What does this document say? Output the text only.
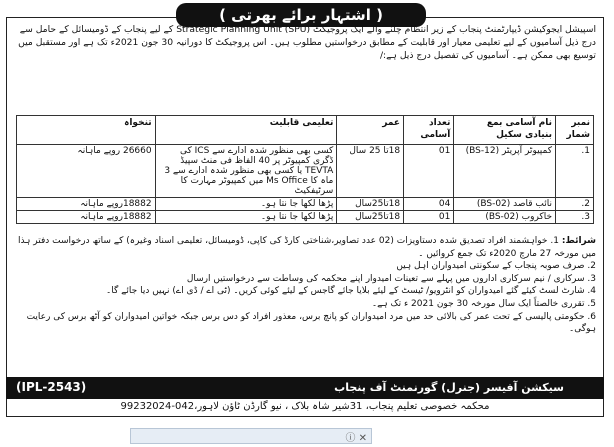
( اشتہار برائے بھرتی )
اسپیشل ایجوکیشن ڈیپارٹمنٹ پنجاب کے زیر انتظام چلنے والے ایک پروجیکٹ (Strategic Planning Unit (SPU کے لیے پنجاب کے ڈومیسائل کے حامل سے درج ذیل آسامیوں کے لیے تعلیمی معیار اور قابلیت کے مطابق درخواستیں مطلوب ہیں۔ اس پروجیکٹ کا دورانیہ 30 جون 2021ء تک ہے اور مستقبل میں توسیع بھی ممکن ہے۔ آسامیوں کی تفصیل درج ذیل ہے:/
نمبر شمار	نام آسامی بمع بنیادی سکیل	تعداد آسامی	عمر	تعلیمی قابلیت	تنخواہ
1.	کمپیوٹر آپریٹر (BS-12)	01	18تا 25 سال	کسی بھی منظور شدہ ادارے سے ICS کی ڈگری کمپیوٹر پر 40 الفاظ فی منٹ سپیڈ TEVTA یا کسی بھی منظور شدہ ادارے سے 3 ماہ کا Ms Office میں کمپیوٹر مہارت کا سرٹیفکیٹ	26660 روپے ماہانہ
2.	نائب قاصد (BS-02)	04	18تا25سال	پڑھا لکھا جا نتا ہو۔	18882روپے ماہانہ
3.	خاکروب (BS-02)	01	18تا25سال	پڑھا لکھا جا نتا ہو۔	18882روپے ماہانہ
شرائط: 1. خواہشمند افراد تصدیق شدہ دستاویزات (02 عدد تصاویر،شناختی کارڈ کی کاپی، ڈومیسائل، تعلیمی اسناد وغیرہ) کے ساتھ درخواست دفتر ہذا میں مورخہ 27 مارچ 2020ء تک جمع کروائیں ۔
2. صرف صوبہ پنجاب کے سکونتی امیدواران اہل ہیں
3. سرکاری / نیم سرکاری اداروں میں پہلے سے تعینات امیدوار اپنے محکمہ کی وساطت سے درخواستیں ارسال
4. شارٹ لسٹ کیئے گئے امیدواران کو انٹرویو/ ٹیسٹ کے لیئے بلایا جائے گاجس کے لیئے کوئی کریں۔ (ٹی اے / ڈی اے) نہیں دیا جائے گا۔
5. تقرری خالصتاً ایک سال مورخہ 30 جون 2021 ء تک ہے۔
6. حکومتی پالیسی کے تحت عمر کی بالائی حد میں مرد امیدواران کو پانچ برس، معذور افراد کو دس برس جبکہ خواتین امیدواران کو آٹھ برس کی رعایت ہوگی۔
(IPL-2543)	سیکشن آفیسر (جنرل) گورنمنٹ آف پنجاب
محکمہ خصوصی تعلیم پنجاب، 31شیر شاہ بلاک ، نیو گارڈن ٹاؤن لاہور،042-99232024
ⓘ ✕
